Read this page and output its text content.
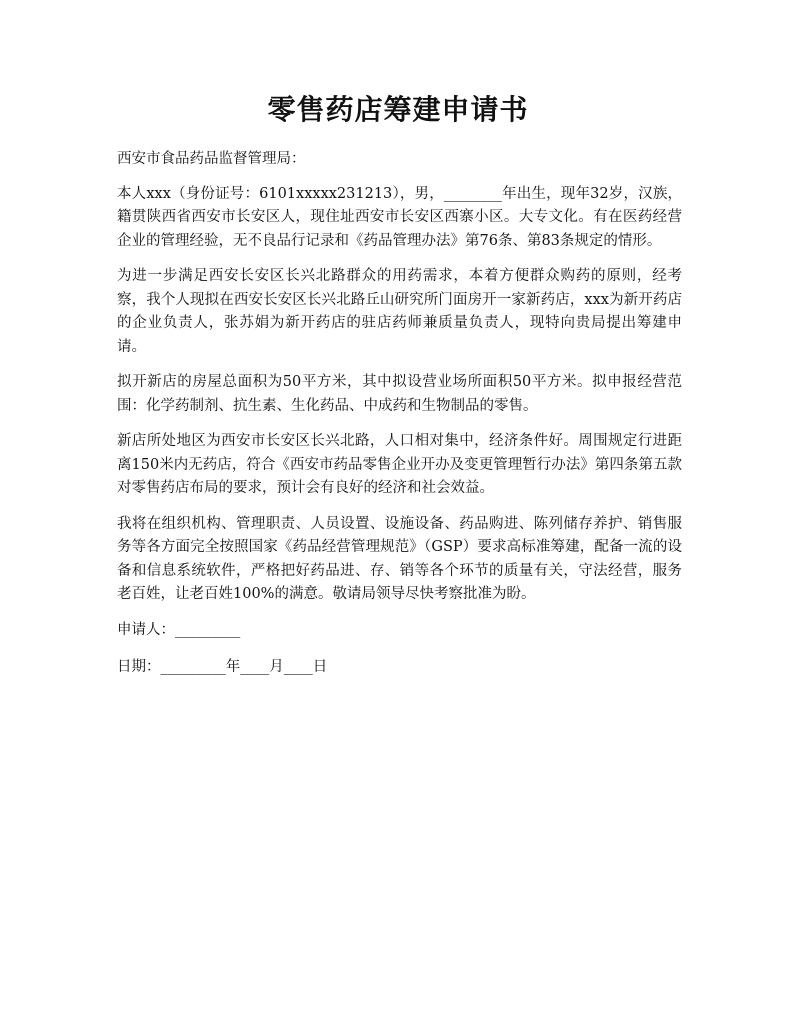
零售药店筹建申请书

西安市食品药品监督管理局：

本人xxx（身份证号：6101xxxxx231213），男，________年出生，现年32岁，汉族，籍贯陕西省西安市长安区人，现住址西安市长安区西寨小区。大专文化。有在医药经营企业的管理经验，无不良品行记录和《药品管理办法》第76条、第83条规定的情形。

为进一步满足西安长安区长兴北路群众的用药需求，本着方便群众购药的原则，经考察，我个人现拟在西安长安区长兴北路丘山研究所门面房开一家新药店，xxx为新开药店的企业负责人，张苏娟为新开药店的驻店药师兼质量负责人，现特向贵局提出筹建申请。

拟开新店的房屋总面积为50平方米，其中拟设营业场所面积50平方米。拟申报经营范围：化学药制剂、抗生素、生化药品、中成药和生物制品的零售。

新店所处地区为西安市长安区长兴北路，人口相对集中，经济条件好。周围规定行进距离150米内无药店，符合《西安市药品零售企业开办及变更管理暂行办法》第四条第五款对零售药店布局的要求，预计会有良好的经济和社会效益。

我将在组织机构、管理职责、人员设置、设施设备、药品购进、陈列储存养护、销售服务等各方面完全按照国家《药品经营管理规范》（GSP）要求高标准筹建，配备一流的设备和信息系统软件，严格把好药品进、存、销等各个环节的质量有关，守法经营，服务老百姓，让老百姓100%的满意。敬请局领导尽快考察批准为盼。

申请人：_________

日期：_________年____月____日
